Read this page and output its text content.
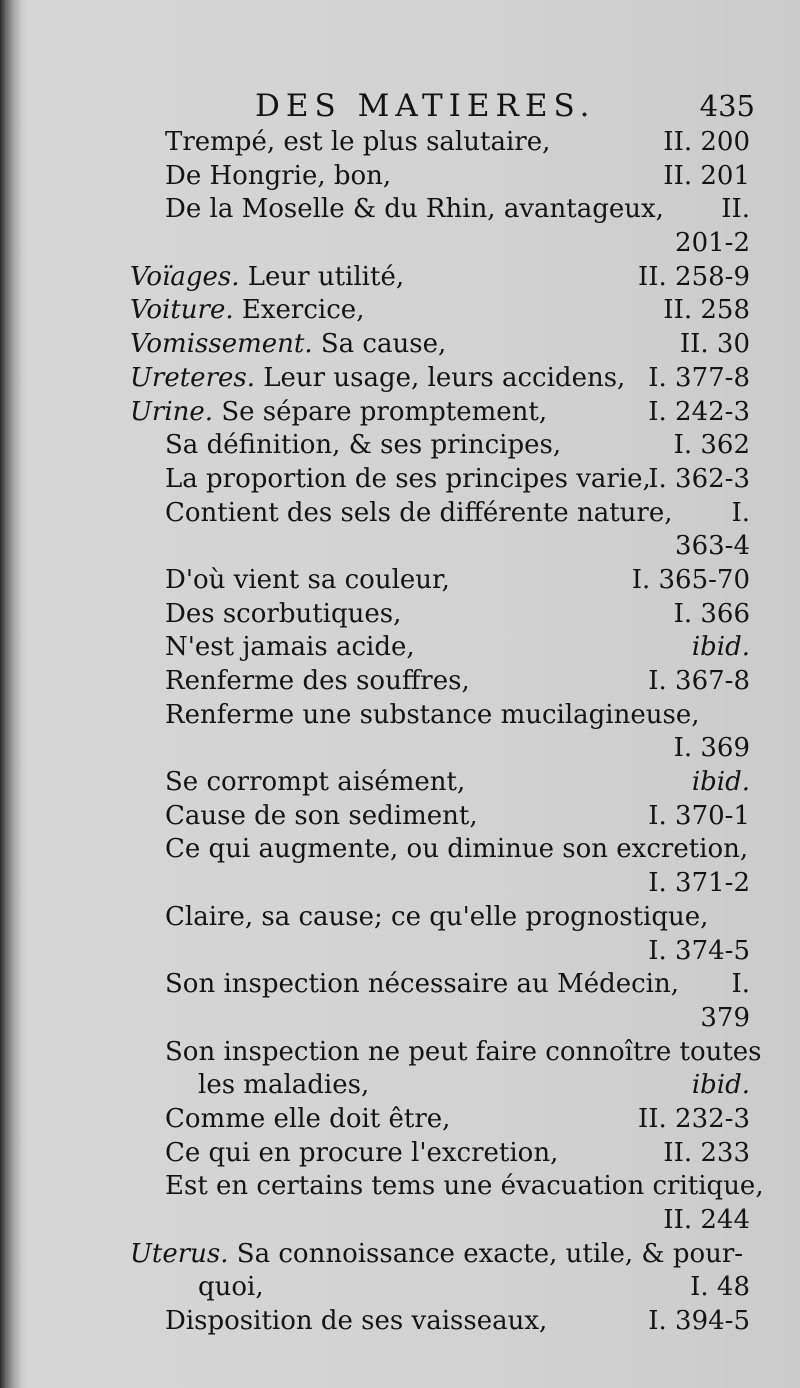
DES MATIERES.	435
Trempé, est le plus salutaire,	II. 200
De Hongrie, bon,	II. 201
De la Moselle & du Rhin, avantageux, II.
201-2
Voïages. Leur utilité,	II. 258-9
Voiture. Exercice,	II. 258
Vomissement. Sa cause,	II. 30
Ureteres. Leur usage, leurs accidens, I. 377-8
Urine. Se sépare promptement,	I. 242-3
Sa définition, & ses principes,	I. 362
La proportion de ses principes varie,
I. 362-3
Contient des sels de différente nature, I.
363-4
D'où vient sa couleur,	I. 365-70
Des scorbutiques,	I. 366
N'est jamais acide,	ibid.
Renferme des souffres,	I. 367-8
Renferme une substance mucilagineuse,
I. 369
Se corrompt aisément,	ibid.
Cause de son sediment,	I. 370-1
Ce qui augmente, ou diminue son excretion,
I. 371-2
Claire, sa cause; ce qu'elle prognostique,
I. 374-5
Son inspection nécessaire au Médecin, I.
379
Son inspection ne peut faire connoître toutes
les maladies,	ibid.
Comme elle doit être,	II. 232-3
Ce qui en procure l'excretion,	II. 233
Est en certains tems une évacuation critique,
II. 244
Uterus. Sa connoissance exacte, utile, & pour-
quoi,	I. 48
Disposition de ses vaisseaux,	I. 394-5
